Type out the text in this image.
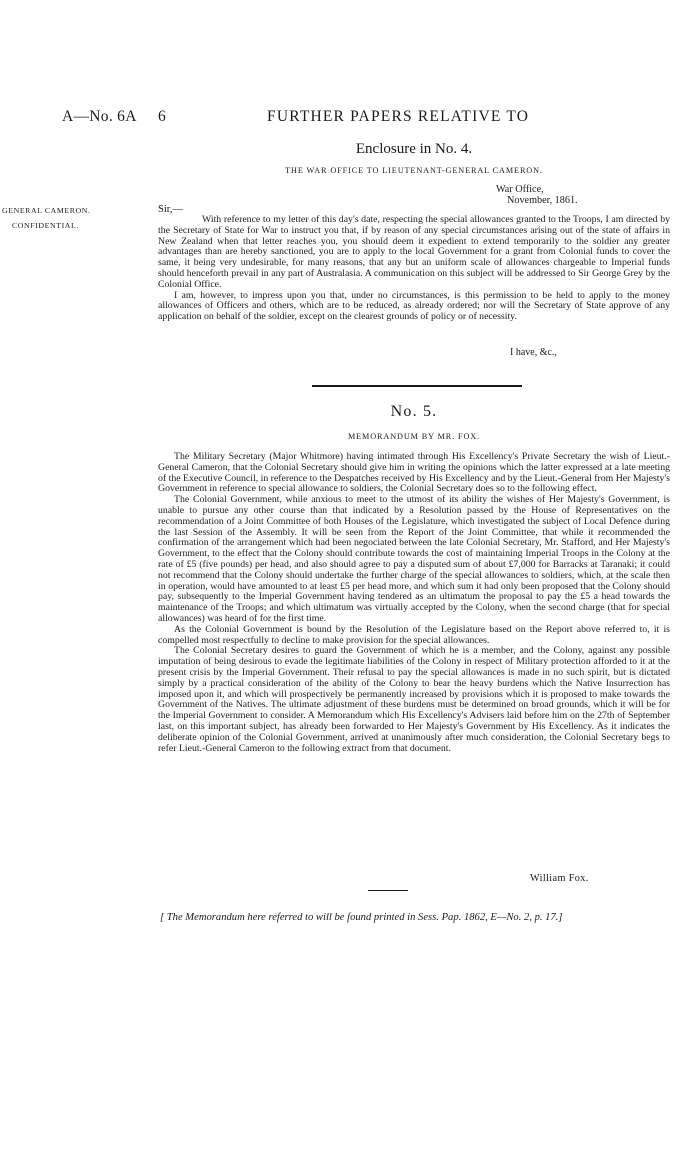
A—No. 6A 6	FURTHER PAPERS RELATIVE TO
Enclosure in No. 4.
THE WAR OFFICE TO LIEUTENANT-GENERAL CAMERON.
War Office,
November, 1861.
GENERAL CAMERON.
CONFIDENTIAL.
Sir,—

With reference to my letter of this day's date, respecting the special allowances granted to the Troops, I am directed by the Secretary of State for War to instruct you that, if by reason of any special circumstances arising out of the state of affairs in New Zealand when that letter reaches you, you should deem it expedient to extend temporarily to the soldier any greater advantages than are hereby sanctioned, you are to apply to the local Government for a grant from Colonial funds to cover the same, it being very undesirable, for many reasons, that any but an uniform scale of allowances chargeable to Imperial funds should henceforth prevail in any part of Australasia. A communication on this subject will be addressed to Sir George Grey by the Colonial Office.

I am, however, to impress upon you that, under no circumstances, is this permission to be held to apply to the money allowances of Officers and others, which are to be reduced, as already ordered; nor will the Secretary of State approve of any application on behalf of the soldier, except on the clearest grounds of policy or of necessity.

I have, &c.,
No. 5.
MEMORANDUM BY MR. FOX.

The Military Secretary (Major Whitmore) having intimated through His Excellency's Private Secretary the wish of Lieut.-General Cameron, that the Colonial Secretary should give him in writing the opinions which the latter expressed at a late meeting of the Executive Council, in reference to the Despatches received by His Excellency and by the Lieut.-General from Her Majesty's Government in reference to special allowance to soldiers, the Colonial Secretary does so to the following effect.

The Colonial Government, while anxious to meet to the utmost of its ability the wishes of Her Majesty's Government, is unable to pursue any other course than that indicated by a Resolution passed by the House of Representatives on the recommendation of a Joint Committee of both Houses of the Legislature, which investigated the subject of Local Defence during the last Session of the Assembly. It will be seen from the Report of the Joint Committee, that while it recommended the confirmation of the arrangement which had been negociated between the late Colonial Secretary, Mr. Stafford, and Her Majesty's Government, to the effect that the Colony should contribute towards the cost of maintaining Imperial Troops in the Colony at the rate of £5 (five pounds) per head, and also should agree to pay a disputed sum of about £7,000 for Barracks at Taranaki; it could not recommend that the Colony should undertake the further charge of the special allowances to soldiers, which, at the scale then in operation, would have amounted to at least £5 per head more, and which sum it had only been proposed that the Colony should pay, subsequently to the Imperial Government having tendered as an ultimatum the proposal to pay the £5 a head towards the maintenance of the Troops; and which ultimatum was virtually accepted by the Colony, when the second charge (that for special allowances) was heard of for the first time.

As the Colonial Government is bound by the Resolution of the Legislature based on the Report above referred to, it is compelled most respectfully to decline to make provision for the special allowances.

The Colonial Secretary desires to guard the Government of which he is a member, and the Colony, against any possible imputation of being desirous to evade the legitimate liabilities of the Colony in respect of Military protection afforded to it at the present crisis by the Imperial Government. Their refusal to pay the special allowances is made in no such spirit, but is dictated simply by a practical consideration of the ability of the Colony to bear the heavy burdens which the Native Insurrection has imposed upon it, and which will prospectively be permanently increased by provisions which it is proposed to make towards the Government of the Natives. The ultimate adjustment of these burdens must be determined on broad grounds, which it will be for the Imperial Government to consider. A Memorandum which His Excellency's Advisers laid before him on the 27th of September last, on this important subject, has already been forwarded to Her Majesty's Government by His Excellency. As it indicates the deliberate opinion of the Colonial Government, arrived at unanimously after much consideration, the Colonial Secretary begs to refer Lieut.-General Cameron to the following extract from that document.

William Fox.
[ The Memorandum here referred to will be found printed in Sess. Pap. 1862, E—No. 2, p. 17.]
